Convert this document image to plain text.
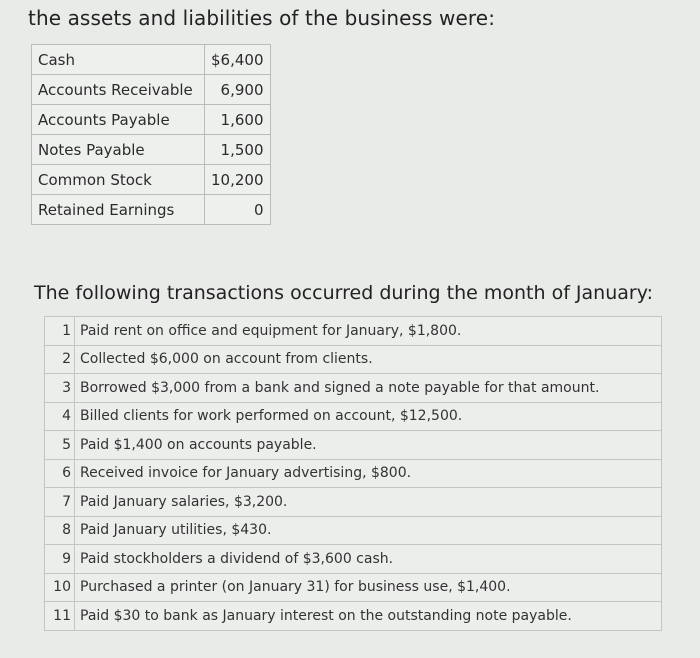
the assets and liabilities of the business were:
Cash	$6,400
Accounts Receivable	6,900
Accounts Payable	1,600
Notes Payable	1,500
Common Stock	10,200
Retained Earnings	0
The following transactions occurred during the month of January:
1	Paid rent on office and equipment for January, $1,800.
2	Collected $6,000 on account from clients.
3	Borrowed $3,000 from a bank and signed a note payable for that amount.
4	Billed clients for work performed on account, $12,500.
5	Paid $1,400 on accounts payable.
6	Received invoice for January advertising, $800.
7	Paid January salaries, $3,200.
8	Paid January utilities, $430.
9	Paid stockholders a dividend of $3,600 cash.
10	Purchased a printer (on January 31) for business use, $1,400.
11	Paid $30 to bank as January interest on the outstanding note payable.
